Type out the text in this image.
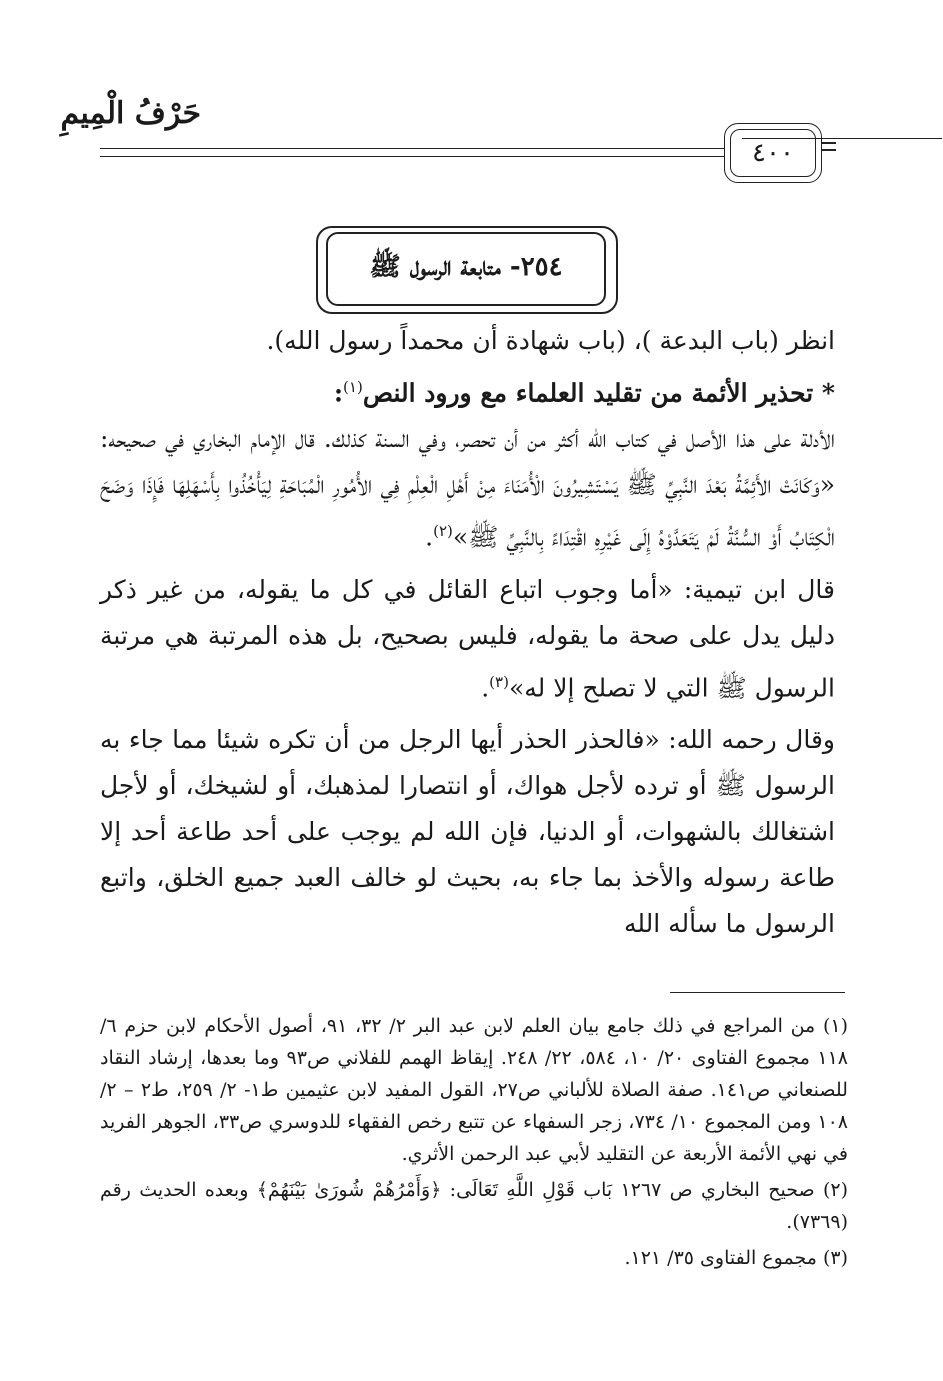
حَرْفُ الْمِيمِ
٤٠٠
٢٥٤- متابعة الرسول ﷺ

انظر (باب البدعة )، (باب شهادة أن محمداً رسول الله).

* تحذير الأئمة من تقليد العلماء مع ورود النص$^{(١)}$:

الأدلة على هذا الأصل في كتاب الله أكثر من أن تحصر، وفي السنة كذلك. قال الإمام البخاري في صحيحه: «وَكَانَتْ الأَئِمَّةُ بَعْدَ النَّبِيِّ ﷺ يَسْتَشِيرُونَ الْأُمَنَاءَ مِنْ أَهْلِ الْعِلْمِ فِي الأُمُورِ الْمُبَاحَةِ لِيَأْخُذُوا بِأَسْهَلِهَا فَإِذَا وَضَحَ الْكِتَابُ أَوْ السُّنَّةُ لَمْ يَتَعَدَّوْهُ إِلَى غَيْرِهِ اقْتِدَاءً بِالنَّبِيِّ ﷺ»$^{(٢)}$.

قال ابن تيمية: «أما وجوب اتباع القائل في كل ما يقوله، من غير ذكر دليل يدل على صحة ما يقوله، فليس بصحيح، بل هذه المرتبة هي مرتبة الرسول ﷺ التي لا تصلح إلا له»$^{(٣)}$.

وقال رحمه الله: «فالحذر الحذر أيها الرجل من أن تكره شيئا مما جاء به الرسول ﷺ أو ترده لأجل هواك، أو انتصارا لمذهبك، أو لشيخك، أو لأجل اشتغالك بالشهوات، أو الدنيا، فإن الله لم يوجب على أحد طاعة أحد إلا طاعة رسوله والأخذ بما جاء به، بحيث لو خالف العبد جميع الخلق، واتبع الرسول ما سأله الله

(١) من المراجع في ذلك جامع بيان العلم لابن عبد البر ٢/ ٣٢، ٩١، أصول الأحكام لابن حزم ٦/ ١١٨ مجموع الفتاوى ٢٠/ ١٠، ٥٨٤، ٢٢/ ٢٤٨. إيقاظ الهمم للفلاني ص٩٣ وما بعدها، إرشاد النقاد للصنعاني ص١٤١. صفة الصلاة للألباني ص٢٧، القول المفيد لابن عثيمين ط١- ٢/ ٢٥٩، ط٢ – ٢/ ١٠٨ ومن المجموع ١٠/ ٧٣٤، زجر السفهاء عن تتبع رخص الفقهاء للدوسري ص٣٣، الجوهر الفريد في نهي الأئمة الأربعة عن التقليد لأبي عبد الرحمن الأثري.

(٢) صحيح البخاري ص ١٢٦٧ بَاب قَوْلِ اللَّهِ تَعَالَى: ﴿وَأَمْرُهُمْ شُورَىٰ بَيْنَهُمْ﴾ وبعده الحديث رقم (٧٣٦٩).

(٣) مجموع الفتاوى ٣٥/ ١٢١.
